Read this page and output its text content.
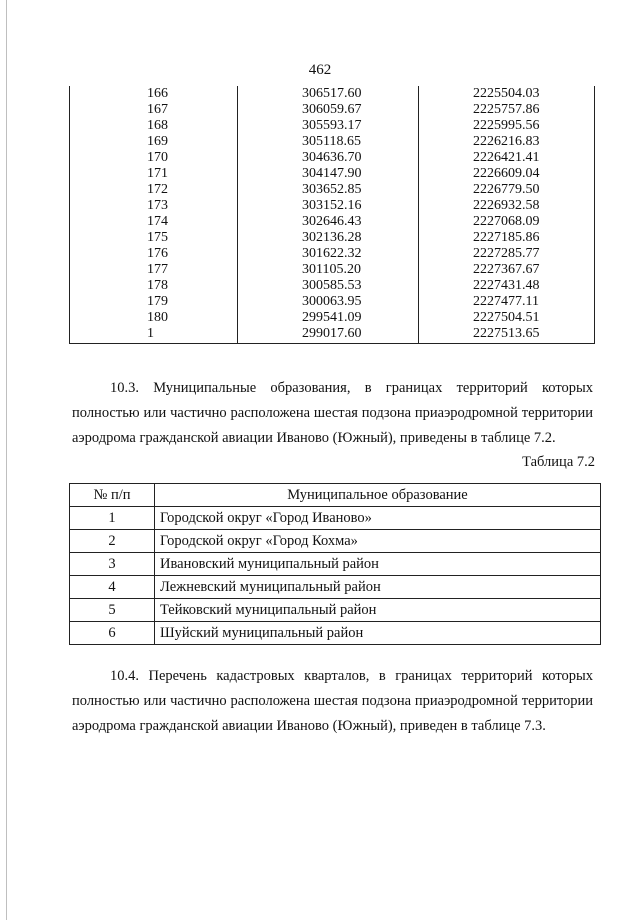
462
166	306517.60	2225504.03
167	306059.67	2225757.86
168	305593.17	2225995.56
169	305118.65	2226216.83
170	304636.70	2226421.41
171	304147.90	2226609.04
172	303652.85	2226779.50
173	303152.16	2226932.58
174	302646.43	2227068.09
175	302136.28	2227185.86
176	301622.32	2227285.77
177	301105.20	2227367.67
178	300585.53	2227431.48
179	300063.95	2227477.11
180	299541.09	2227504.51
1	299017.60	2227513.65
10.3. Муниципальные образования, в границах территорий которых полностью или частично расположена шестая подзона приаэродромной территории аэродрома гражданской авиации Иваново (Южный), приведены в таблице 7.2.
Таблица 7.2
№ п/п	Муниципальное образование
1	Городской округ «Город Иваново»
2	Городской округ «Город Кохма»
3	Ивановский муниципальный район
4	Лежневский муниципальный район
5	Тейковский муниципальный район
6	Шуйский муниципальный район
10.4. Перечень кадастровых кварталов, в границах территорий которых полностью или частично расположена шестая подзона приаэродромной территории аэродрома гражданской авиации Иваново (Южный), приведен в таблице 7.3.
